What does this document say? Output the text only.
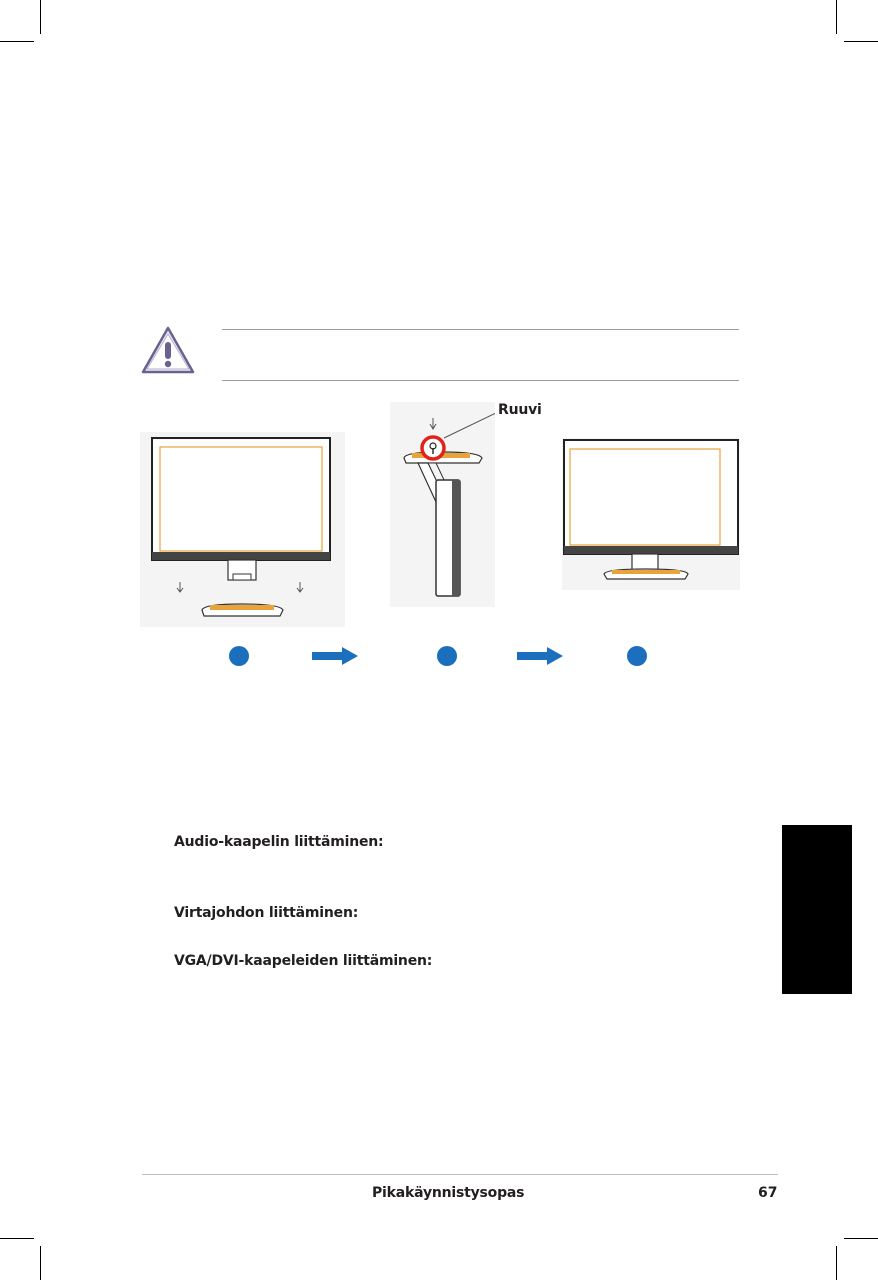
Ruuvi

Audio-kaapelin liittäminen:

Virtajohdon liittäminen:

VGA/DVI-kaapeleiden liittäminen:

Pikakäynnistysopas	67
